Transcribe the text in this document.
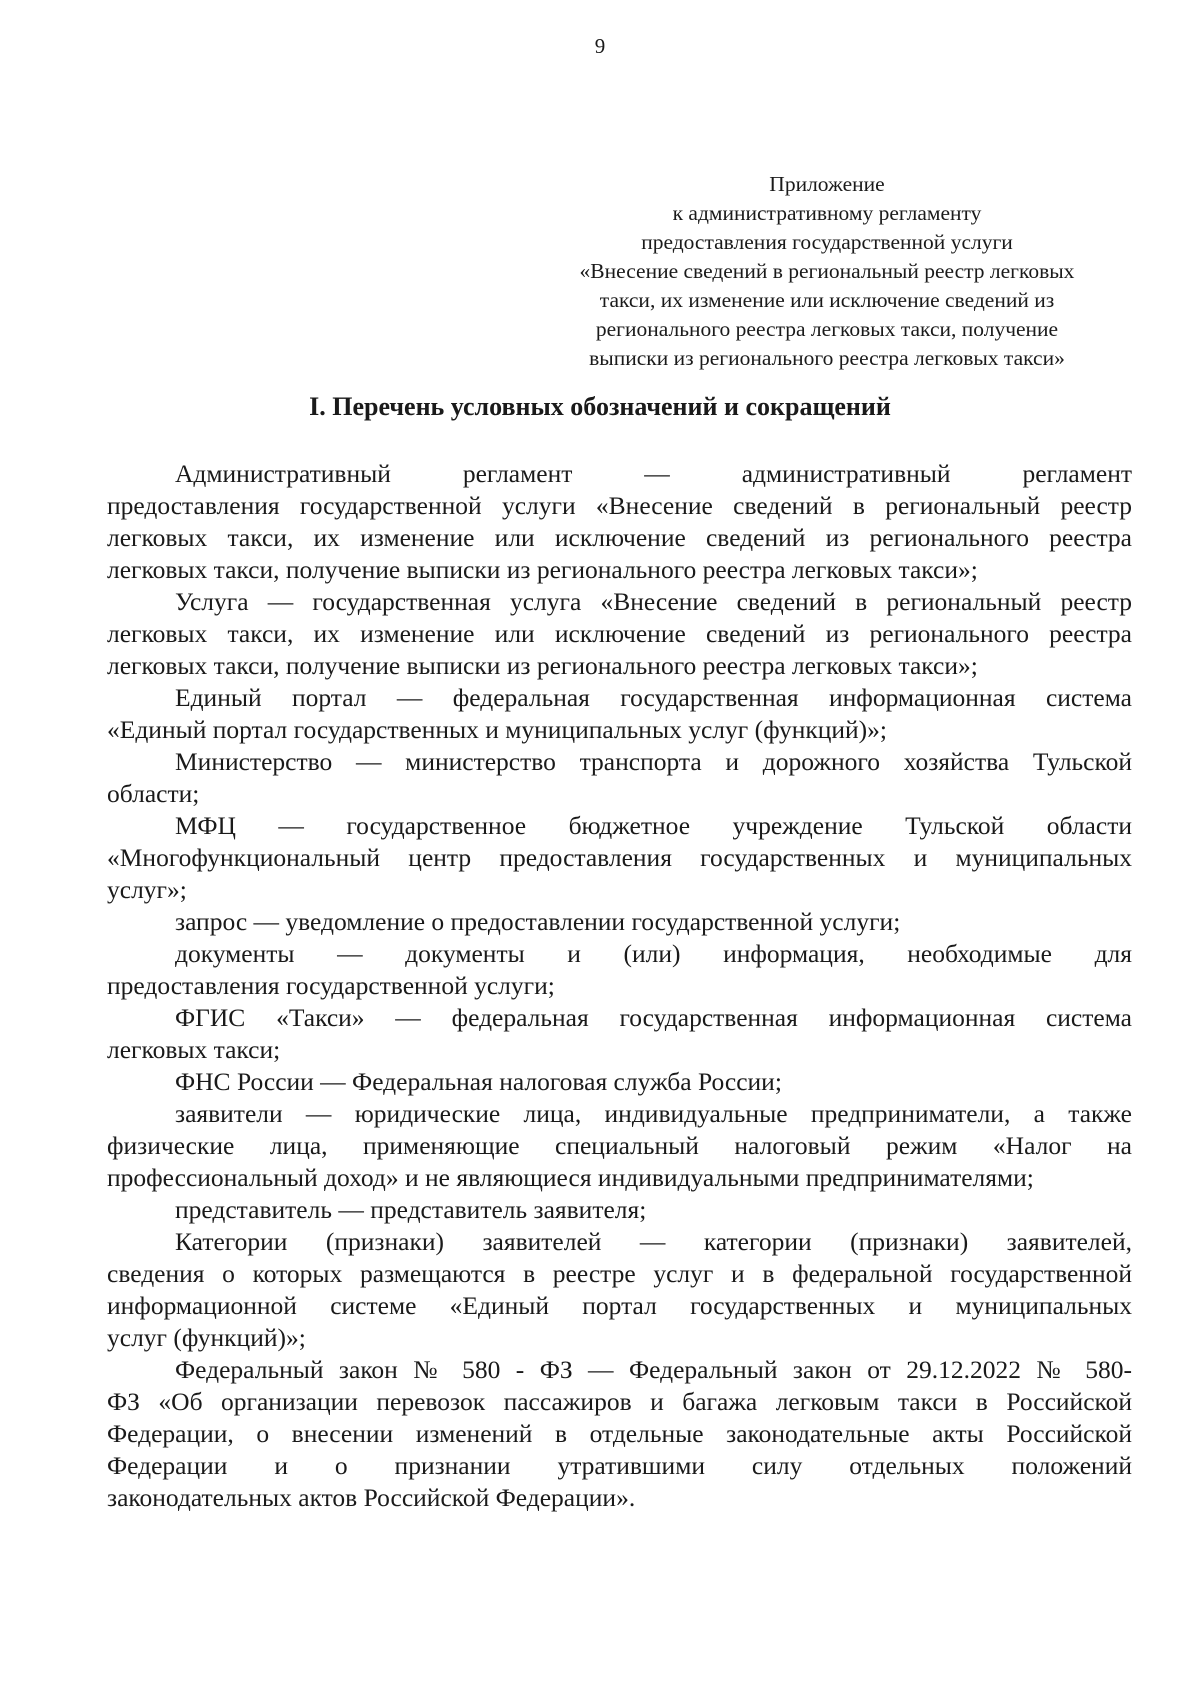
9
Приложение
к административному регламенту
предоставления государственной услуги
«Внесение сведений в региональный реестр легковых
такси, их изменение или исключение сведений из
регионального реестра легковых такси, получение
выписки из регионального реестра легковых такси»
I. Перечень условных обозначений и сокращений
Административный регламент — административный регламент
предоставления государственной услуги «Внесение сведений в региональный реестр
легковых такси, их изменение или исключение сведений из регионального реестра
легковых такси, получение выписки из регионального реестра легковых такси»;
Услуга — государственная услуга «Внесение сведений в региональный реестр
легковых такси, их изменение или исключение сведений из регионального реестра
легковых такси, получение выписки из регионального реестра легковых такси»;
Единый портал — федеральная государственная информационная система
«Единый портал государственных и муниципальных услуг (функций)»;
Министерство — министерство транспорта и дорожного хозяйства Тульской
области;
МФЦ — государственное бюджетное учреждение Тульской области
«Многофункциональный центр предоставления государственных и муниципальных
услуг»;
запрос — уведомление о предоставлении государственной услуги;
документы — документы и (или) информация, необходимые для
предоставления государственной услуги;
ФГИС «Такси» — федеральная государственная информационная система
легковых такси;
ФНС России — Федеральная налоговая служба России;
заявители — юридические лица, индивидуальные предприниматели, а также
физические лица, применяющие специальный налоговый режим «Налог на
профессиональный доход» и не являющиеся индивидуальными предпринимателями;
представитель — представитель заявителя;
Категории (признаки) заявителей — категории (признаки) заявителей,
сведения о которых размещаются в реестре услуг и в федеральной государственной
информационной системе «Единый портал государственных и муниципальных
услуг (функций)»;
Федеральный закон № 580 - ФЗ — Федеральный закон от 29.12.2022 № 580-
ФЗ «Об организации перевозок пассажиров и багажа легковым такси в Российской
Федерации, о внесении изменений в отдельные законодательные акты Российской
Федерации и о признании утратившими силу отдельных положений
законодательных актов Российской Федерации».
